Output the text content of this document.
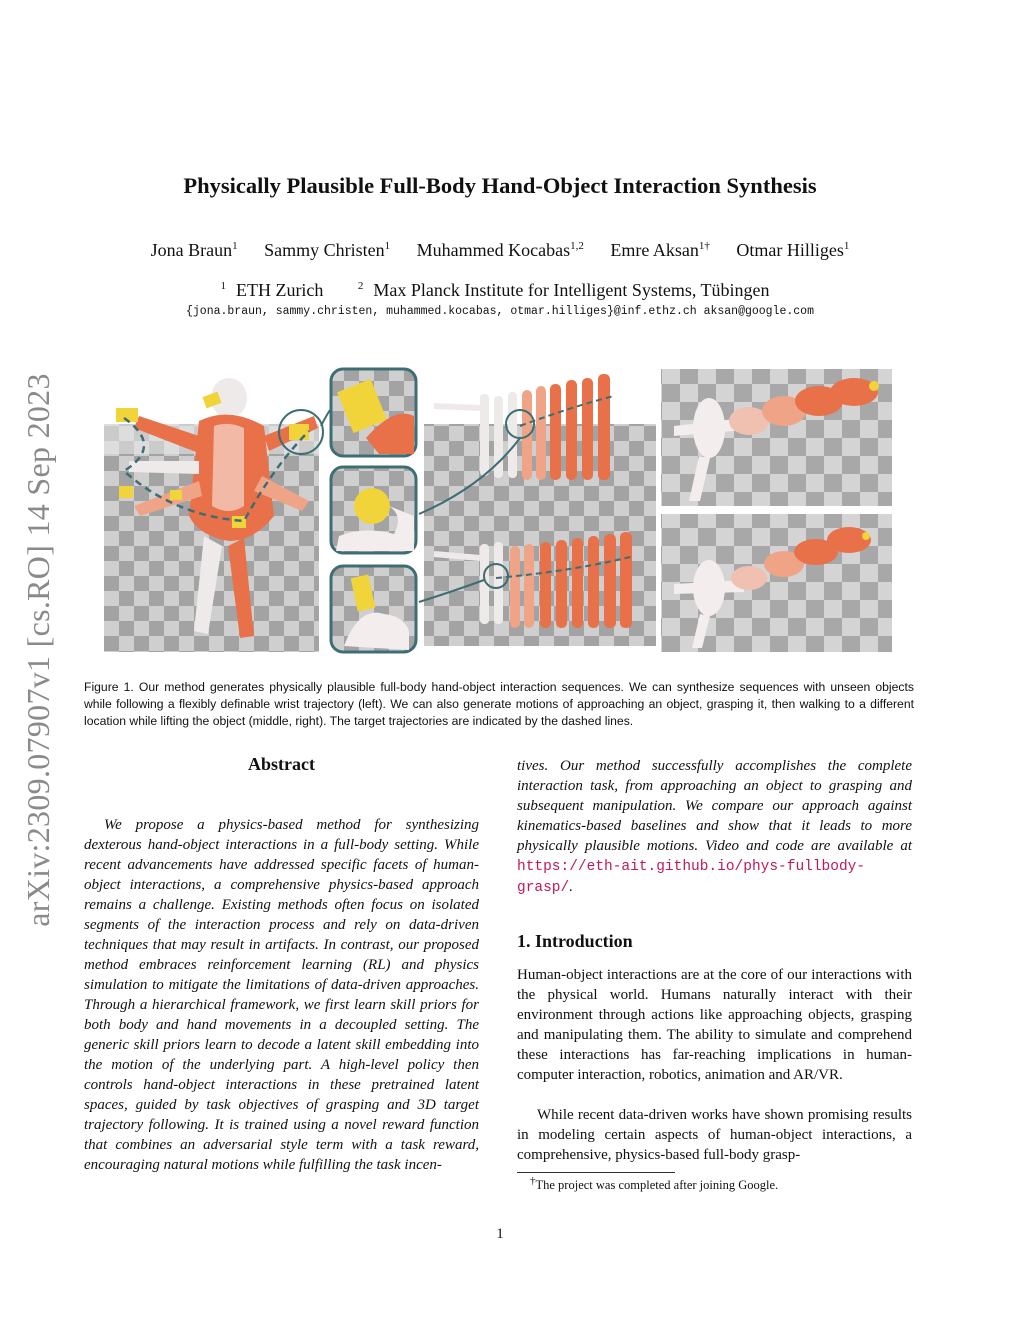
arXiv:2309.07907v1 [cs.RO] 14 Sep 2023
Physically Plausible Full-Body Hand-Object Interaction Synthesis
Jona Braun$^1$ Sammy Christen$^1$ Muhammed Kocabas$^{1,2}$ Emre Aksan$^{1\dagger}$ Otmar Hilliges$^1$
$^1$ ETH Zurich	$^2$ Max Planck Institute for Intelligent Systems, Tübingen
{jona.braun, sammy.christen, muhammed.kocabas, otmar.hilliges}@inf.ethz.ch aksan@google.com
Figure 1. Our method generates physically plausible full-body hand-object interaction sequences. We can synthesize sequences with unseen objects while following a flexibly definable wrist trajectory (left). We can also generate motions of approaching an object, grasping it, then walking to a different location while lifting the object (middle, right). The target trajectories are indicated by the dashed lines.
Abstract
We propose a physics-based method for synthesizing dexterous hand-object interactions in a full-body setting. While recent advancements have addressed specific facets of human-object interactions, a comprehensive physics-based approach remains a challenge. Existing methods often focus on isolated segments of the interaction process and rely on data-driven techniques that may result in artifacts. In contrast, our proposed method embraces reinforcement learning (RL) and physics simulation to mitigate the limitations of data-driven approaches. Through a hierarchical framework, we first learn skill priors for both body and hand movements in a decoupled setting. The generic skill priors learn to decode a latent skill embedding into the motion of the underlying part. A high-level policy then controls hand-object interactions in these pretrained latent spaces, guided by task objectives of grasping and 3D target trajectory following. It is trained using a novel reward function that combines an adversarial style term with a task reward, encouraging natural motions while fulfilling the task incen-
tives. Our method successfully accomplishes the complete interaction task, from approaching an object to grasping and subsequent manipulation. We compare our approach against kinematics-based baselines and show that it leads to more physically plausible motions. Video and code are available at https://eth-ait.github.io/phys-fullbody-grasp/.
1. Introduction
Human-object interactions are at the core of our interactions with the physical world. Humans naturally interact with their environment through actions like approaching objects, grasping and manipulating them. The ability to simulate and comprehend these interactions has far-reaching implications in human-computer interaction, robotics, animation and AR/VR.
While recent data-driven works have shown promising results in modeling certain aspects of human-object interactions, a comprehensive, physics-based full-body grasp-
†The project was completed after joining Google.
1
